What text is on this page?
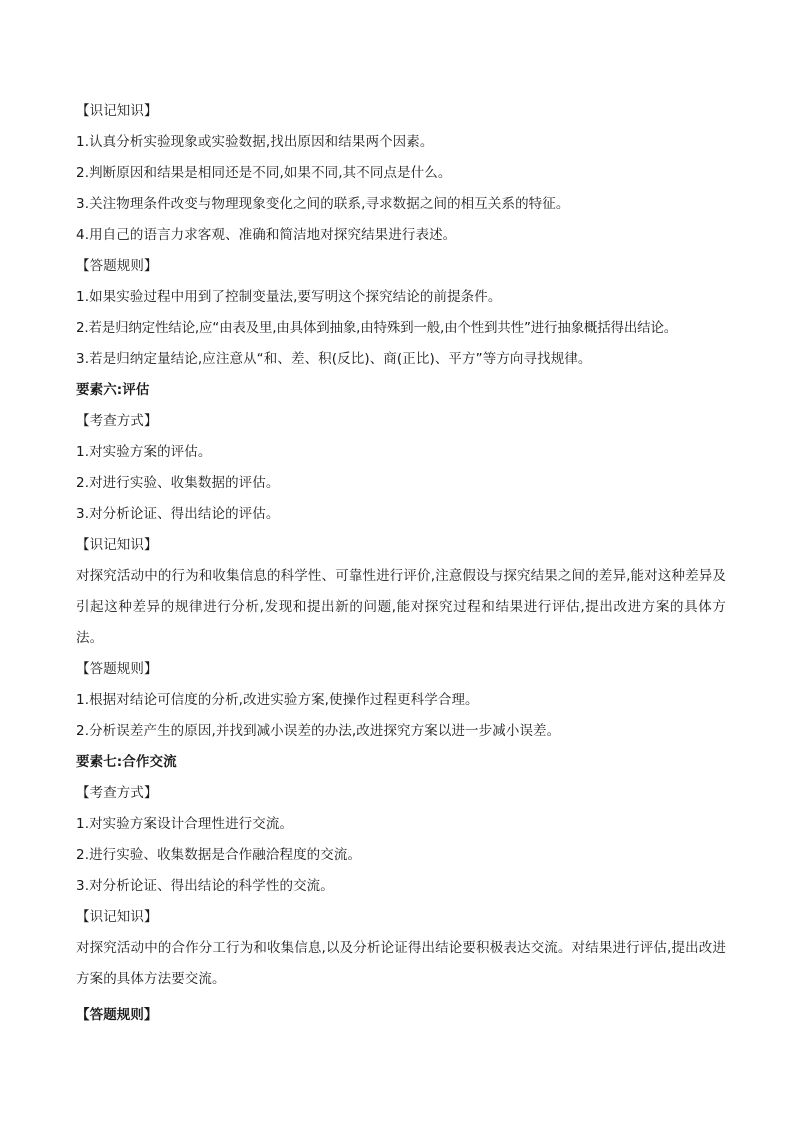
【识记知识】
1.认真分析实验现象或实验数据,找出原因和结果两个因素。
2.判断原因和结果是相同还是不同,如果不同,其不同点是什么。
3.关注物理条件改变与物理现象变化之间的联系,寻求数据之间的相互关系的特征。
4.用自己的语言力求客观、准确和简洁地对探究结果进行表述。
【答题规则】
1.如果实验过程中用到了控制变量法,要写明这个探究结论的前提条件。
2.若是归纳定性结论,应“由表及里,由具体到抽象,由特殊到一般,由个性到共性”进行抽象概括得出结论。
3.若是归纳定量结论,应注意从“和、差、积(反比)、商(正比)、平方”等方向寻找规律。
要素六:评估
【考查方式】
1.对实验方案的评估。
2.对进行实验、收集数据的评估。
3.对分析论证、得出结论的评估。
【识记知识】
对探究活动中的行为和收集信息的科学性、可靠性进行评价,注意假设与探究结果之间的差异,能对这种差异及引起这种差异的规律进行分析,发现和提出新的问题,能对探究过程和结果进行评估,提出改进方案的具体方法。
【答题规则】
1.根据对结论可信度的分析,改进实验方案,使操作过程更科学合理。
2.分析误差产生的原因,并找到减小误差的办法,改进探究方案以进一步减小误差。
要素七:合作交流
【考查方式】
1.对实验方案设计合理性进行交流。
2.进行实验、收集数据是合作融洽程度的交流。
3.对分析论证、得出结论的科学性的交流。
【识记知识】
对探究活动中的合作分工行为和收集信息,以及分析论证得出结论要积极表达交流。对结果进行评估,提出改进方案的具体方法要交流。
【答题规则】
